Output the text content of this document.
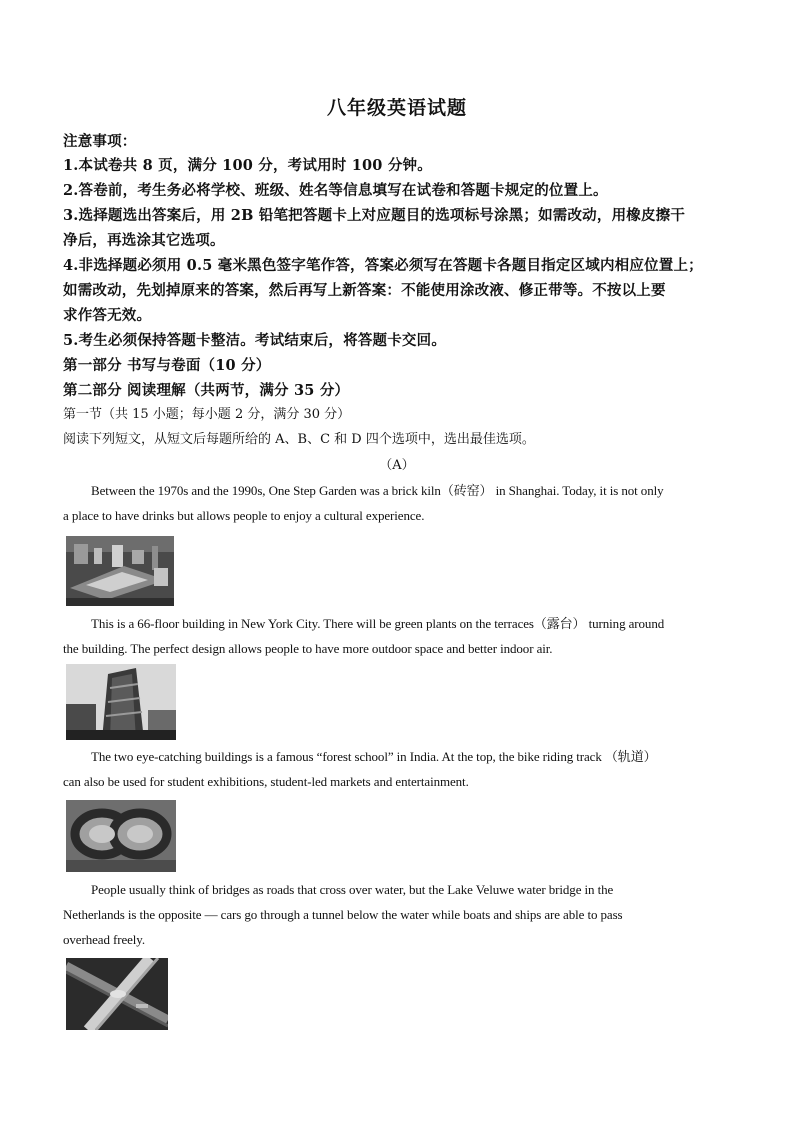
八年级英语试题
注意事项：
1.本试卷共 8 页，满分 100 分，考试用时 100 分钟。
2.答卷前，考生务必将学校、班级、姓名等信息填写在试卷和答题卡规定的位置上。
3.选择题选出答案后，用 2B 铅笔把答题卡上对应题目的选项标号涂黑；如需改动，用橡皮擦干
净后，再选涂其它选项。
4.非选择题必须用 0.5 毫米黑色签字笔作答，答案必须写在答题卡各题目指定区域内相应位置上；
如需改动，先划掉原来的答案，然后再写上新答案：不能使用涂改液、修正带等。不按以上要
求作答无效。
5.考生必须保持答题卡整洁。考试结束后，将答题卡交回。
第一部分 书写与卷面（10 分）
第二部分 阅读理解（共两节，满分 35 分）
第一节（共 15 小题；每小题 2 分，满分 30 分）
阅读下列短文，从短文后每题所给的 A、B、C 和 D 四个选项中，选出最佳选项。
（A）
Between the 1970s and the 1990s, One Step Garden was a brick kiln（砖窑） in Shanghai. Today, it is not only
a place to have drinks but allows people to enjoy a cultural experience.
This is a 66-floor building in New York City. There will be green plants on the terraces（露台） turning around
the building. The perfect design allows people to have more outdoor space and better indoor air.
The two eye-catching buildings is a famous “forest school” in India. At the top, the bike riding track （轨道）
can also be used for student exhibitions, student-led markets and entertainment.
People usually think of bridges as roads that cross over water, but the Lake Veluwe water bridge in the
Netherlands is the opposite — cars go through a tunnel below the water while boats and ships are able to pass
overhead freely.
